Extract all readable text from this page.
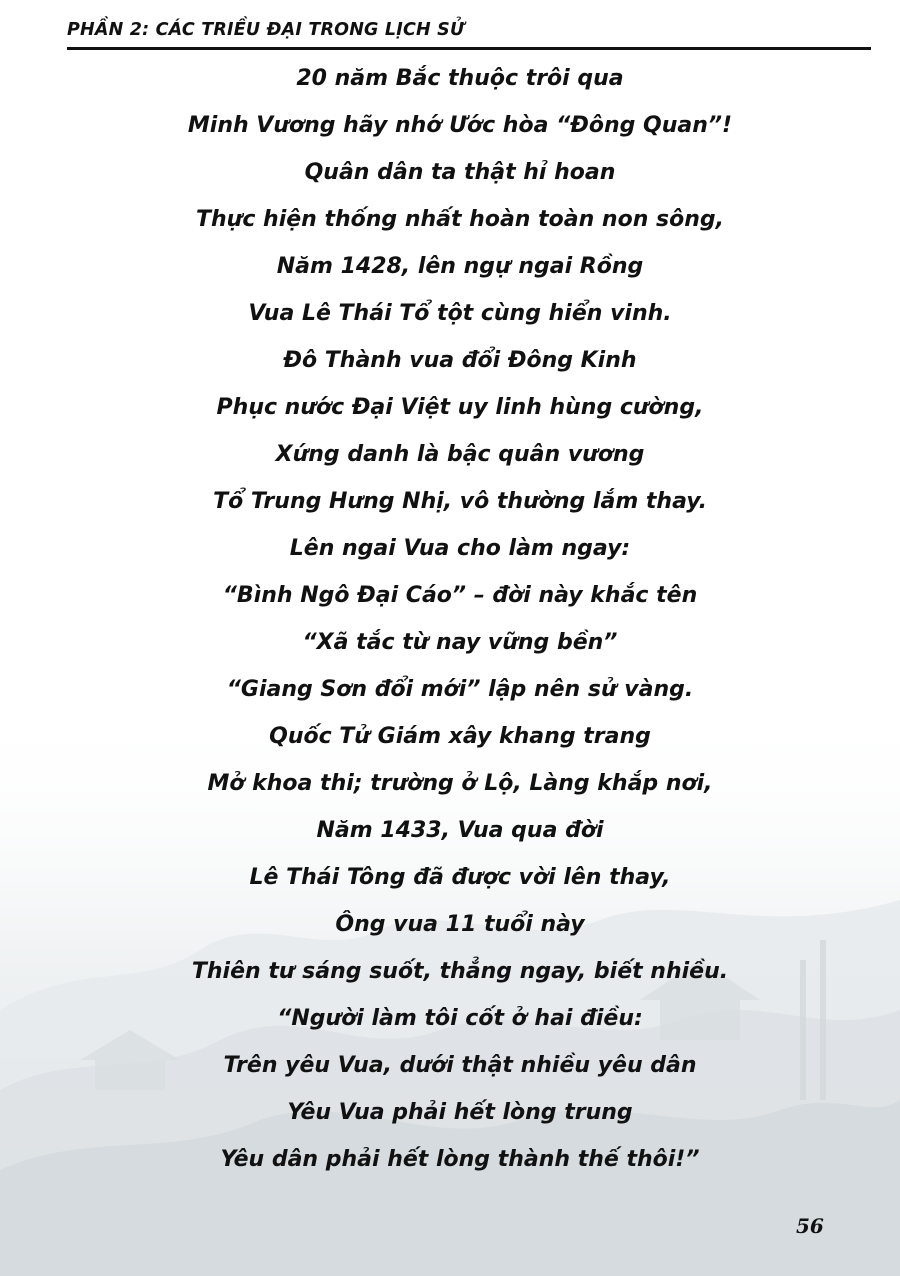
PHẦN 2: CÁC TRIỀU ĐẠI TRONG LỊCH SỬ
20 năm Bắc thuộc trôi qua
Minh Vương hãy nhớ Ước hòa “Đông Quan”!
Quân dân ta thật hỉ hoan
Thực hiện thống nhất hoàn toàn non sông,
Năm 1428, lên ngự ngai Rồng
Vua Lê Thái Tổ tột cùng hiển vinh.
Đô Thành vua đổi Đông Kinh
Phục nước Đại Việt uy linh hùng cường,
Xứng danh là bậc quân vương
Tổ Trung Hưng Nhị, vô thường lắm thay.
Lên ngai Vua cho làm ngay:
“Bình Ngô Đại Cáo” – đời này khắc tên
“Xã tắc từ nay vững bền”
“Giang Sơn đổi mới” lập nên sử vàng.
Quốc Tử Giám xây khang trang
Mở khoa thi; trường ở Lộ, Làng khắp nơi,
Năm 1433, Vua qua đời
Lê Thái Tông đã được vời lên thay,
Ông vua 11 tuổi này
Thiên tư sáng suốt, thẳng ngay, biết nhiều.
“Người làm tôi cốt ở hai điều:
Trên yêu Vua, dưới thật nhiều yêu dân
Yêu Vua phải hết lòng trung
Yêu dân phải hết lòng thành thế thôi!”
56
